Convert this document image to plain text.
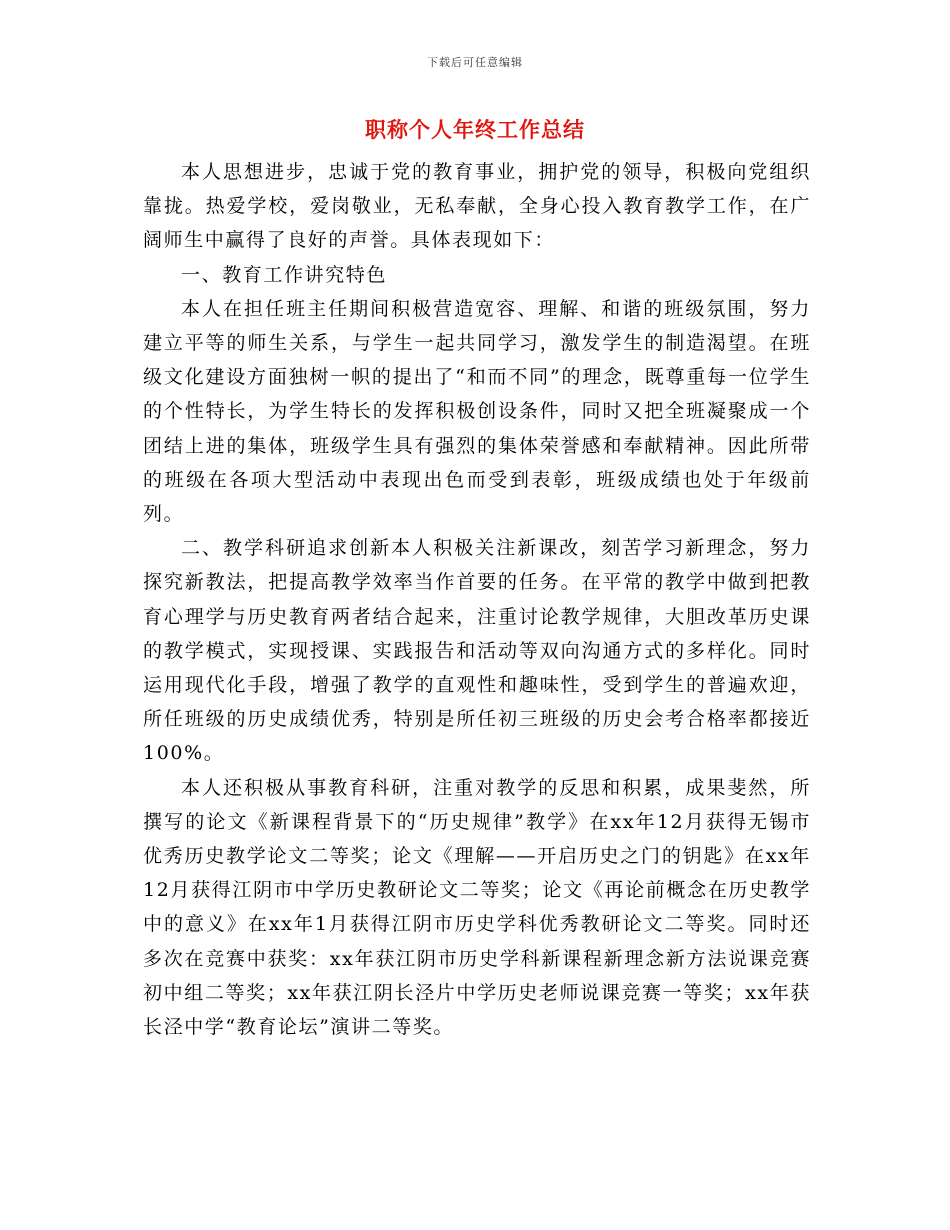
下载后可任意编辑
职称个人年终工作总结

本人思想进步，忠诚于党的教育事业，拥护党的领导，积极向党组织靠拢。热爱学校，爱岗敬业，无私奉献，全身心投入教育教学工作，在广阔师生中赢得了良好的声誉。具体表现如下：

一、教育工作讲究特色

本人在担任班主任期间积极营造宽容、理解、和谐的班级氛围，努力建立平等的师生关系，与学生一起共同学习，激发学生的制造渴望。在班级文化建设方面独树一帜的提出了“和而不同”的理念，既尊重每一位学生的个性特长，为学生特长的发挥积极创设条件，同时又把全班凝聚成一个团结上进的集体，班级学生具有强烈的集体荣誉感和奉献精神。因此所带的班级在各项大型活动中表现出色而受到表彰，班级成绩也处于年级前列。

二、教学科研追求创新本人积极关注新课改，刻苦学习新理念，努力探究新教法，把提高教学效率当作首要的任务。在平常的教学中做到把教育心理学与历史教育两者结合起来，注重讨论教学规律，大胆改革历史课的教学模式，实现授课、实践报告和活动等双向沟通方式的多样化。同时运用现代化手段，增强了教学的直观性和趣味性，受到学生的普遍欢迎，所任班级的历史成绩优秀，特别是所任初三班级的历史会考合格率都接近100%。

本人还积极从事教育科研，注重对教学的反思和积累，成果斐然，所撰写的论文《新课程背景下的“历史规律”教学》在xx年12月获得无锡市优秀历史教学论文二等奖；论文《理解——开启历史之门的钥匙》在xx年12月获得江阴市中学历史教研论文二等奖；论文《再论前概念在历史教学中的意义》在xx年1月获得江阴市历史学科优秀教研论文二等奖。同时还多次在竞赛中获奖：xx年获江阴市历史学科新课程新理念新方法说课竞赛初中组二等奖；xx年获江阴长泾片中学历史老师说课竞赛一等奖；xx年获长泾中学“教育论坛”演讲二等奖。
